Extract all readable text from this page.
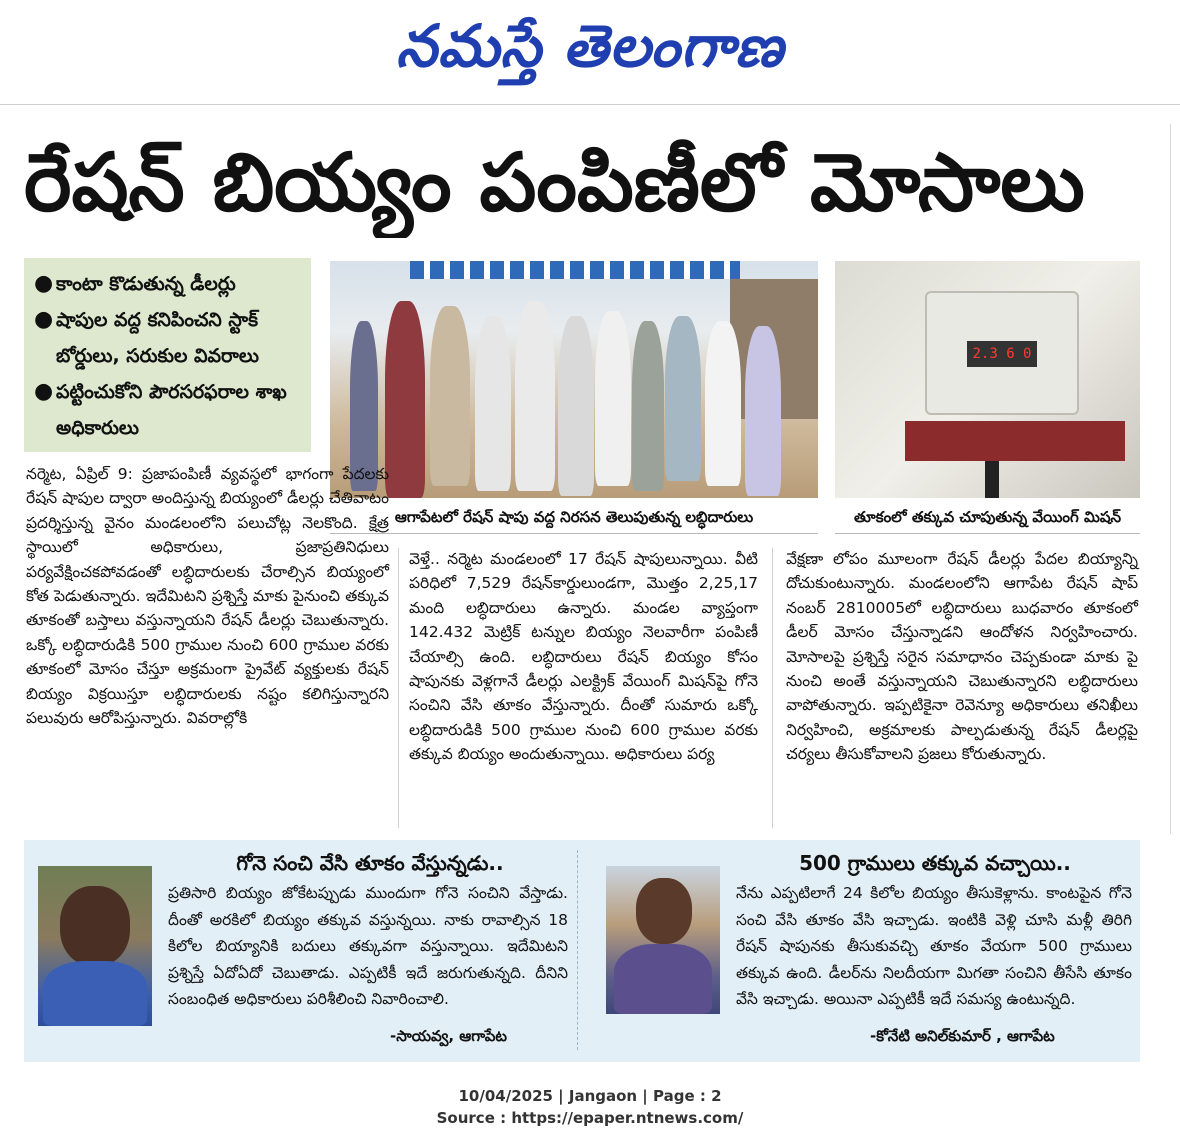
నమస్తే తెలంగాణ
రేషన్ బియ్యం పంపిణీలో మోసాలు
● కాంటా కొడుతున్న డీలర్లు
● షాపుల వద్ద కనిపించని స్టాక్ బోర్డులు, సరుకుల వివరాలు
● పట్టించుకోని పౌరసరఫరాల శాఖ అధికారులు
2.3 6 0
ఆగాపేటలో రేషన్ షాపు వద్ద నిరసన తెలుపుతున్న లబ్ధిదారులు	తూకంలో తక్కువ చూపుతున్న వేయింగ్ మిషన్

నర్మెట, ఏప్రిల్ 9: ప్రజాపంపిణీ వ్యవస్థలో భాగంగా పేదలకు రేషన్ షాపుల ద్వారా అందిస్తున్న బియ్యంలో డీలర్లు చేతివాటం ప్రదర్శిస్తున్న వైనం మండలంలోని పలుచోట్ల నెలకొంది. క్షేత్ర స్థాయిలో అధికారులు, ప్రజాప్రతినిధులు పర్యవేక్షించకపోవడంతో లబ్ధిదారులకు చేరాల్సిన బియ్యంలో కోత పెడుతున్నారు. ఇదేమిటని ప్రశ్నిస్తే మాకు పైనుంచి తక్కువ తూకంతో బస్తాలు వస్తున్నాయని రేషన్ డీలర్లు చెబుతున్నారు. ఒక్కో లబ్ధిదారుడికి 500 గ్రాముల నుంచి 600 గ్రాముల వరకు తూకంలో మోసం చేస్తూ అక్రమంగా ప్రైవేట్ వ్యక్తులకు రేషన్ బియ్యం విక్రయిస్తూ లబ్ధిదారులకు నష్టం కలిగిస్తున్నారని పలువురు ఆరోపిస్తున్నారు. వివరాల్లోకి

వెళ్తే.. నర్మెట మండలంలో 17 రేషన్ షాపులున్నాయి. వీటి పరిధిలో 7,529 రేషన్‌కార్డులుండగా, మొత్తం 2,25,17 మంది లబ్ధిదారులు ఉన్నారు. మండల వ్యాప్తంగా 142.432 మెట్రిక్ టన్నుల బియ్యం నెలవారీగా పంపిణీ చేయాల్సి ఉంది. లబ్ధిదారులు రేషన్ బియ్యం కోసం షాపునకు వెళ్లగానే డీలర్లు ఎలక్ట్రిక్ వేయింగ్ మిషన్‌పై గోనె సంచిని వేసి తూకం వేస్తున్నారు. దీంతో సుమారు ఒక్కో లబ్ధిదారుడికి 500 గ్రాముల నుంచి 600 గ్రాముల వరకు తక్కువ బియ్యం అందుతున్నాయి. అధికారులు పర్య

వేక్షణా లోపం మూలంగా రేషన్ డీలర్లు పేదల బియ్యాన్ని దోచుకుంటున్నారు. మండలంలోని ఆగాపేట రేషన్ షాప్ నంబర్ 2810005లో లబ్ధిదారులు బుధవారం తూకంలో డీలర్ మోసం చేస్తున్నాడని ఆందోళన నిర్వహించారు. మోసాలపై ప్రశ్నిస్తే సరైన సమాధానం చెప్పకుండా మాకు పై నుంచి అంతే వస్తున్నాయని చెబుతున్నారని లబ్ధిదారులు వాపోతున్నారు. ఇప్పటికైనా రెవెన్యూ అధికారులు తనిఖీలు నిర్వహించి, అక్రమాలకు పాల్పడుతున్న రేషన్ డీలర్లపై చర్యలు తీసుకోవాలని ప్రజలు కోరుతున్నారు.

గోనె సంచి వేసి తూకం వేస్తున్నడు..
ప్రతిసారి బియ్యం జోకేటప్పుడు ముందుగా గోనె సంచిని వేస్తాడు. దీంతో అరకిలో బియ్యం తక్కువ వస్తున్నయి. నాకు రావాల్సిన 18 కిలోల బియ్యానికి బదులు తక్కువగా వస్తున్నాయి. ఇదేమిటని ప్రశ్నిస్తే ఏదోఏదో చెబుతాడు. ఎప్పటికీ ఇదే జరుగుతున్నది. దీనిని సంబంధిత అధికారులు పరిశీలించి నివారించాలి.
-సాయవ్వ, ఆగాపేట
500 గ్రాములు తక్కువ వచ్చాయి..
నేను ఎప్పటిలాగే 24 కిలోల బియ్యం తీసుకెళ్లాను. కాంటపైన గోనె సంచి వేసి తూకం వేసి ఇచ్చాడు. ఇంటికి వెళ్లి చూసి మళ్లీ తిరిగి రేషన్ షాపునకు తీసుకువచ్చి తూకం వేయగా 500 గ్రాములు తక్కువ ఉంది. డీలర్‌ను నిలదీయగా మిగతా సంచిని తీసేసి తూకం వేసి ఇచ్చాడు. అయినా ఎప్పటికీ ఇదే సమస్య ఉంటున్నది.
-కోనేటి అనిల్‌కుమార్ , ఆగాపేట
10/04/2025 | Jangaon | Page : 2
Source : https://epaper.ntnews.com/
